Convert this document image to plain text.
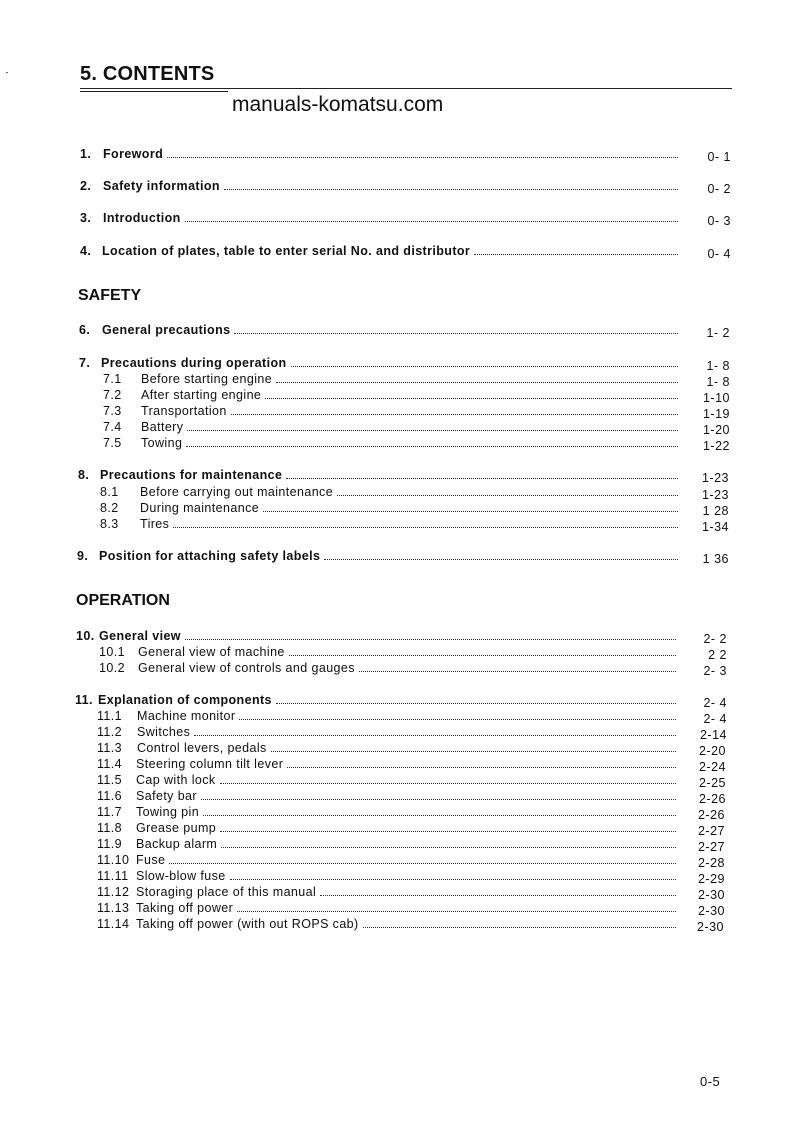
5. CONTENTS
manuals-komatsu.com
SAFETY
OPERATION
1. Foreword	0- 1
2. Safety information	0- 2
3. Introduction	0- 3
4. Location of plates, table to enter serial No. and distributor	0- 4
6. General precautions	1- 2
7. Precautions during operation	1- 8
7.1	Before starting engine	1- 8
7.2	After starting engine	1-10
7.3	Transportation	1-19
7.4	Battery	1-20
7.5	Towing	1-22
8. Precautions for maintenance	1-23
8.1	Before carrying out maintenance	1-23
8.2	During maintenance	1 28
8.3	Tires	1-34
9. Position for attaching safety labels	1 36
10. General view	2- 2
10.1	General view of machine	2 2
10.2	General view of controls and gauges	2- 3
11. Explanation of components	2- 4
11.1	Machine monitor	2- 4
11.2	Switches	2-14
11.3	Control levers, pedals	2-20
11.4	Steering column tilt lever	2-24
11.5	Cap with lock	2-25
11.6	Safety bar	2-26
11.7	Towing pin	2-26
11.8	Grease pump	2-27
11.9	Backup alarm	2-27
11.10 Fuse	2-28
11.11 Slow-blow fuse	2-29
11.12 Storaging place of this manual	2-30
11.13 Taking off power	2-30
11.14 Taking off power (with out ROPS cab)	2-30
0-5
